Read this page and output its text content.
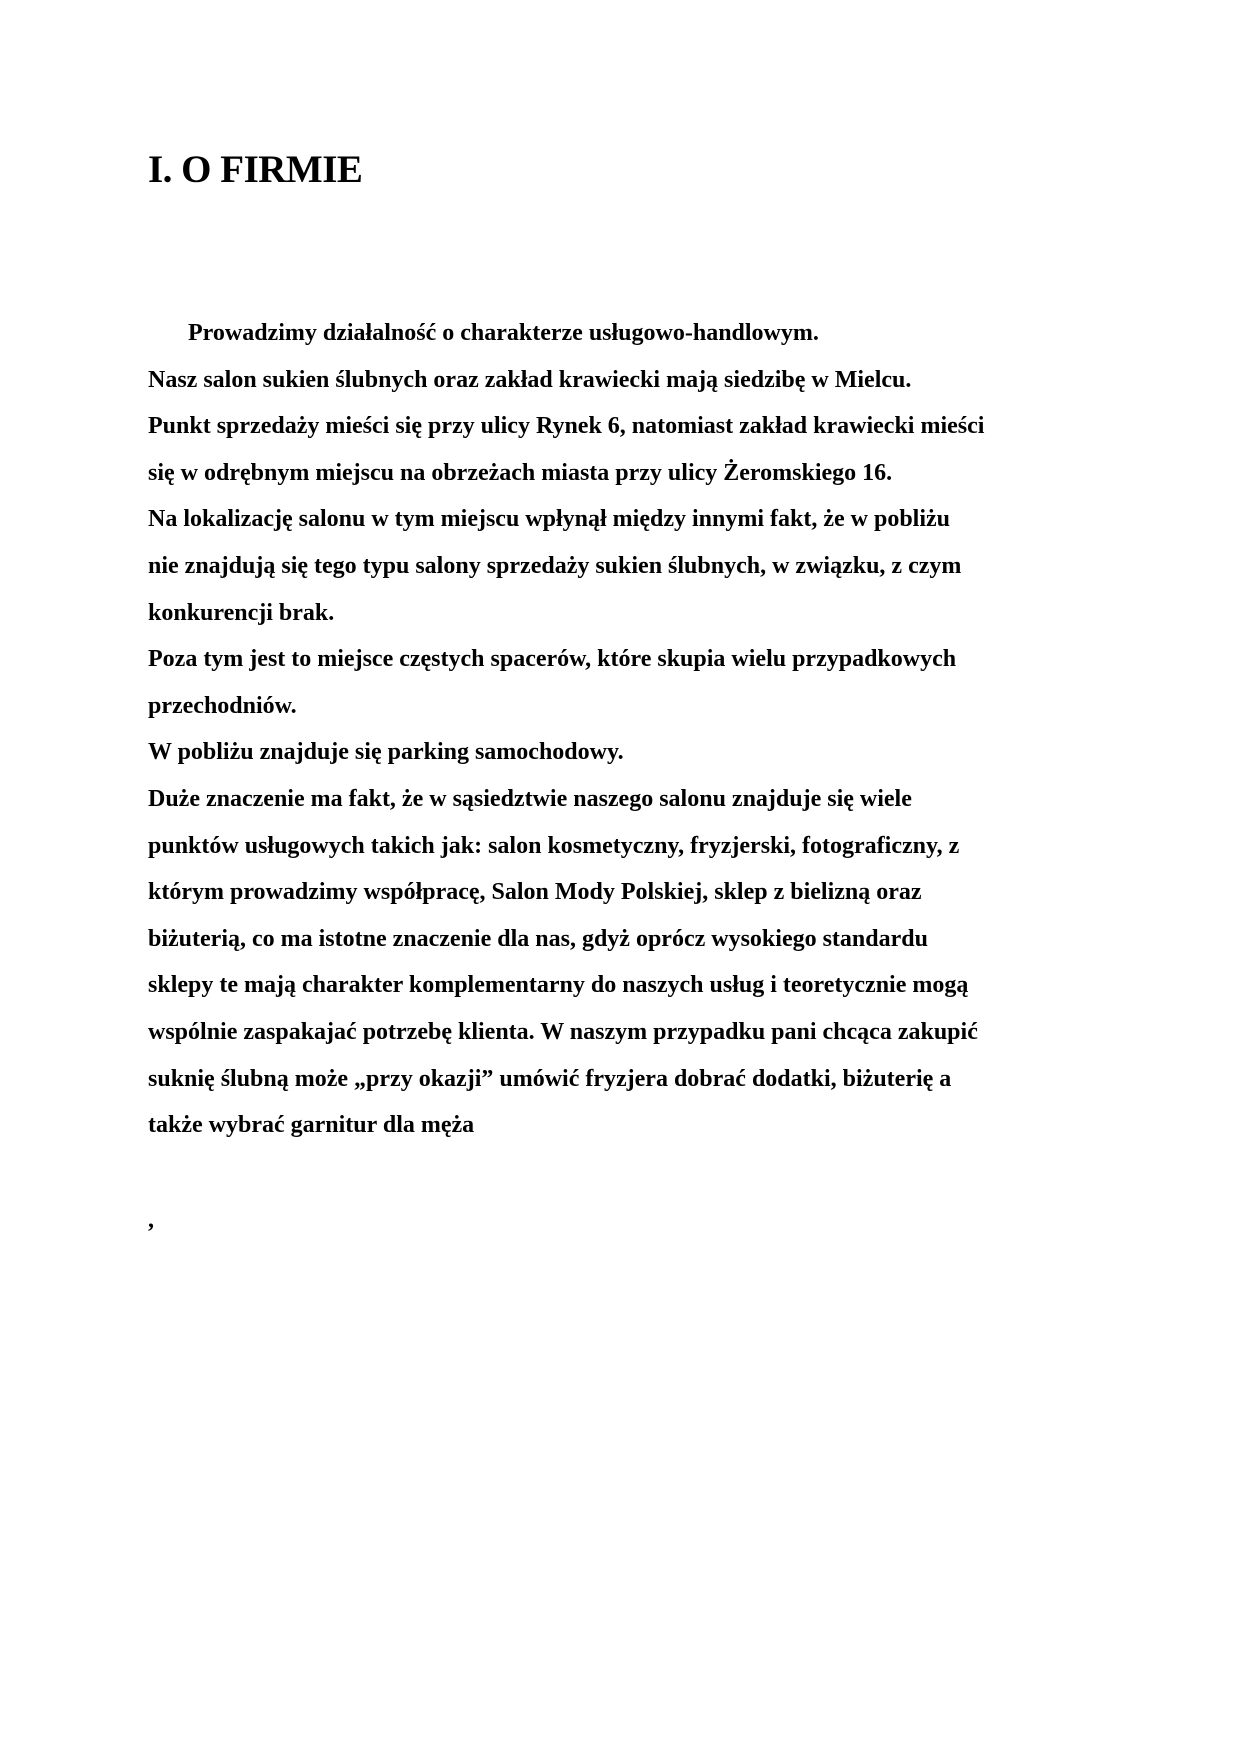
I. O FIRMIE
Prowadzimy działalność o charakterze usługowo-handlowym.
Nasz salon sukien ślubnych oraz zakład krawiecki mają siedzibę w Mielcu.
Punkt sprzedaży mieści się przy ulicy Rynek 6, natomiast zakład krawiecki mieści
się w odrębnym miejscu na obrzeżach miasta przy ulicy Żeromskiego 16.
Na lokalizację salonu w tym miejscu wpłynął między innymi fakt, że w pobliżu
nie znajdują się tego typu salony sprzedaży sukien ślubnych, w związku, z czym
konkurencji brak.
Poza tym jest to miejsce częstych spacerów, które skupia wielu przypadkowych
przechodniów.
W pobliżu znajduje się parking samochodowy.
Duże znaczenie ma fakt, że w sąsiedztwie naszego salonu znajduje się wiele
punktów usługowych takich jak: salon kosmetyczny, fryzjerski, fotograficzny, z
którym prowadzimy współpracę, Salon Mody Polskiej, sklep z bielizną oraz
biżuterią, co ma istotne znaczenie dla nas, gdyż oprócz wysokiego standardu
sklepy te mają charakter komplementarny do naszych usług i teoretycznie mogą
wspólnie zaspakajać potrzebę klienta. W naszym przypadku pani chcąca zakupić
suknię ślubną może „przy okazji” umówić fryzjera dobrać dodatki, biżuterię a
także wybrać garnitur dla męża
,
